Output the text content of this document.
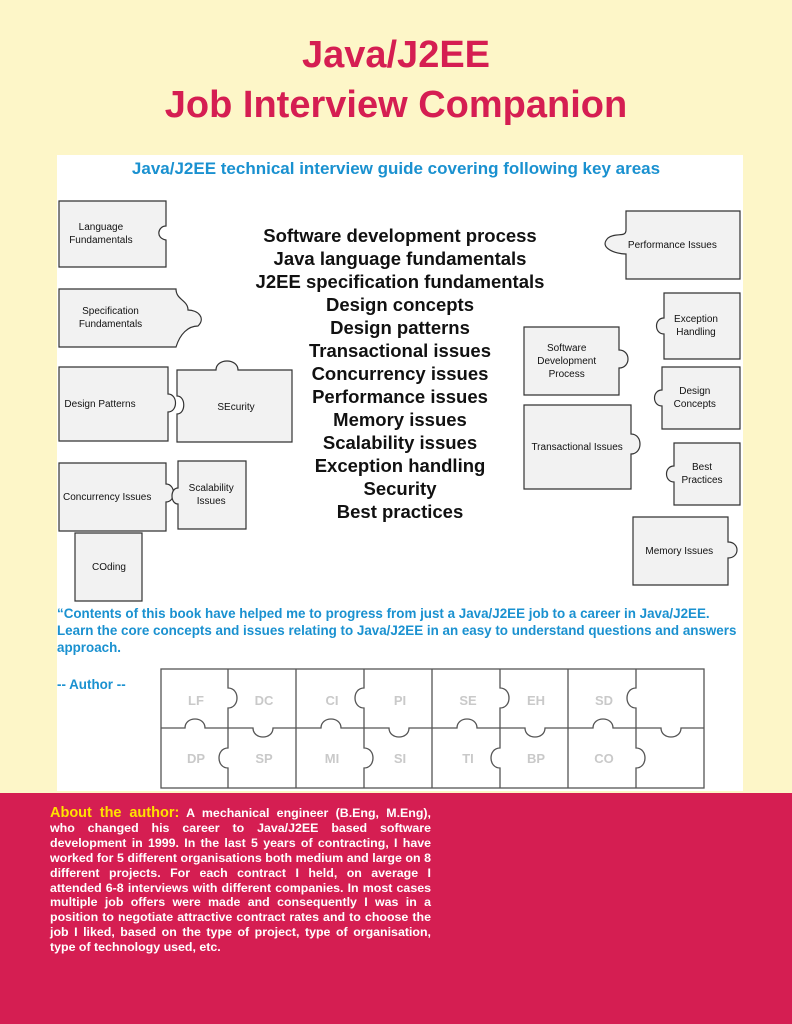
Java/J2EE
Job Interview Companion
Java/J2EE technical interview guide covering following key areas
Software development process
Java language fundamentals
J2EE specification fundamentals
Design concepts
Design patterns
Transactional issues
Concurrency issues
Performance issues
Memory issues
Scalability issues
Exception handling
Security
Best practices
Language Fundamentals
Specification Fundamentals
Design Patterns	SEcurity
Concurrency Issues
Scalability Issues
COding
Performance Issues
Exception Handling
Software Development Process
Design Concepts
Transactional Issues
Best Practices
Memory Issues
“Contents of this book have helped me to progress from just a Java/J2EE job to a career in Java/J2EE. Learn the core concepts and issues relating to Java/J2EE in an easy to understand questions and answers approach.
-- Author --
LF	DC	CI	PI	SE	EH	SD
DP	SP	MI	SI	TI	BP	CO
About the author: A mechanical engineer (B.Eng, M.Eng), who changed his career to Java/J2EE based software development in 1999. In the last 5 years of contracting, I have worked for 5 different organisations both medium and large on 8 different projects. For each contract I held, on average I attended 6-8 interviews with different companies. In most cases multiple job offers were made and consequently I was in a position to negotiate attractive contract rates and to choose the job I liked, based on the type of project, type of organisation, type of technology used, etc.
